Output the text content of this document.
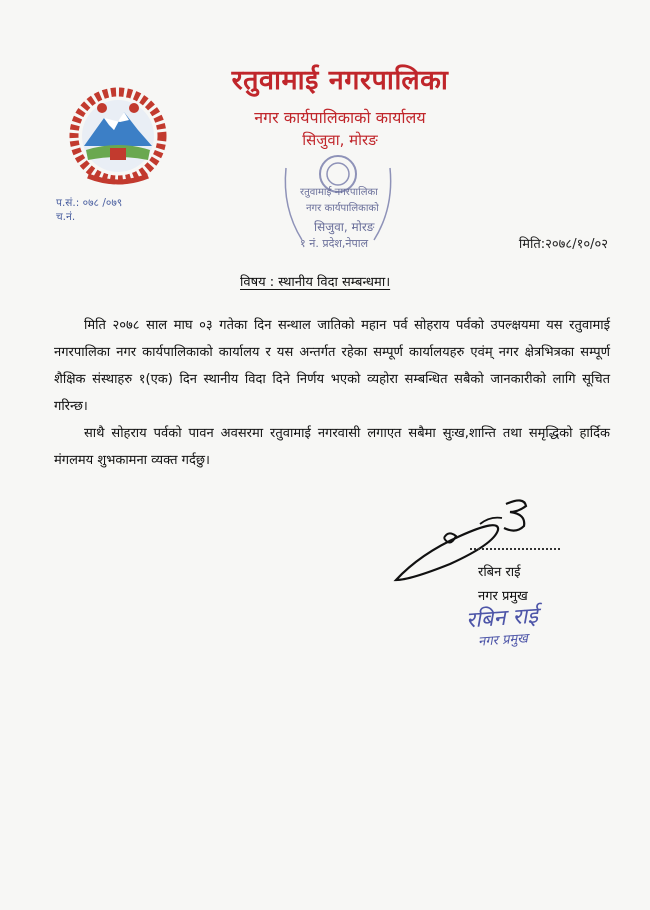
रतुवामाई नगरपालिका
नगर कार्यपालिकाको कार्यालय
सिजुवा, मोरङ
प.सं.: ०७८ /०७९
च.नं.
रतुवामाई नगरपालिका
नगर कार्यपालिकाको
सिजुवा, मोरङ
१ नं. प्रदेश,नेपाल	मिति:२०७८/१०/०२
विषय : स्थानीय विदा सम्बन्धमा।

मिति २०७८ साल माघ ०३ गतेका दिन सन्थाल जातिको महान पर्व सोहराय पर्वको उपल्क्षयमा यस रतुवामाई नगरपालिका नगर कार्यपालिकाको कार्यालय र यस अन्तर्गत रहेका सम्पूर्ण कार्यालयहरु एवंम् नगर क्षेत्रभित्रका सम्पूर्ण शैक्षिक संस्थाहरु १(एक) दिन स्थानीय विदा दिने निर्णय भएको व्यहोरा सम्बन्धित सबैको जानकारीको लागि सूचित गरिन्छ।

साथै सोहराय पर्वको पावन अवसरमा रतुवामाई नगरवासी लगाएत सबैमा सुःख,शान्ति तथा समृद्धिको हार्दिक मंगलमय शुभकामना व्यक्त गर्दछु।

रबिन राई
नगर प्रमुख
रबिन राई
नगर प्रमुख
